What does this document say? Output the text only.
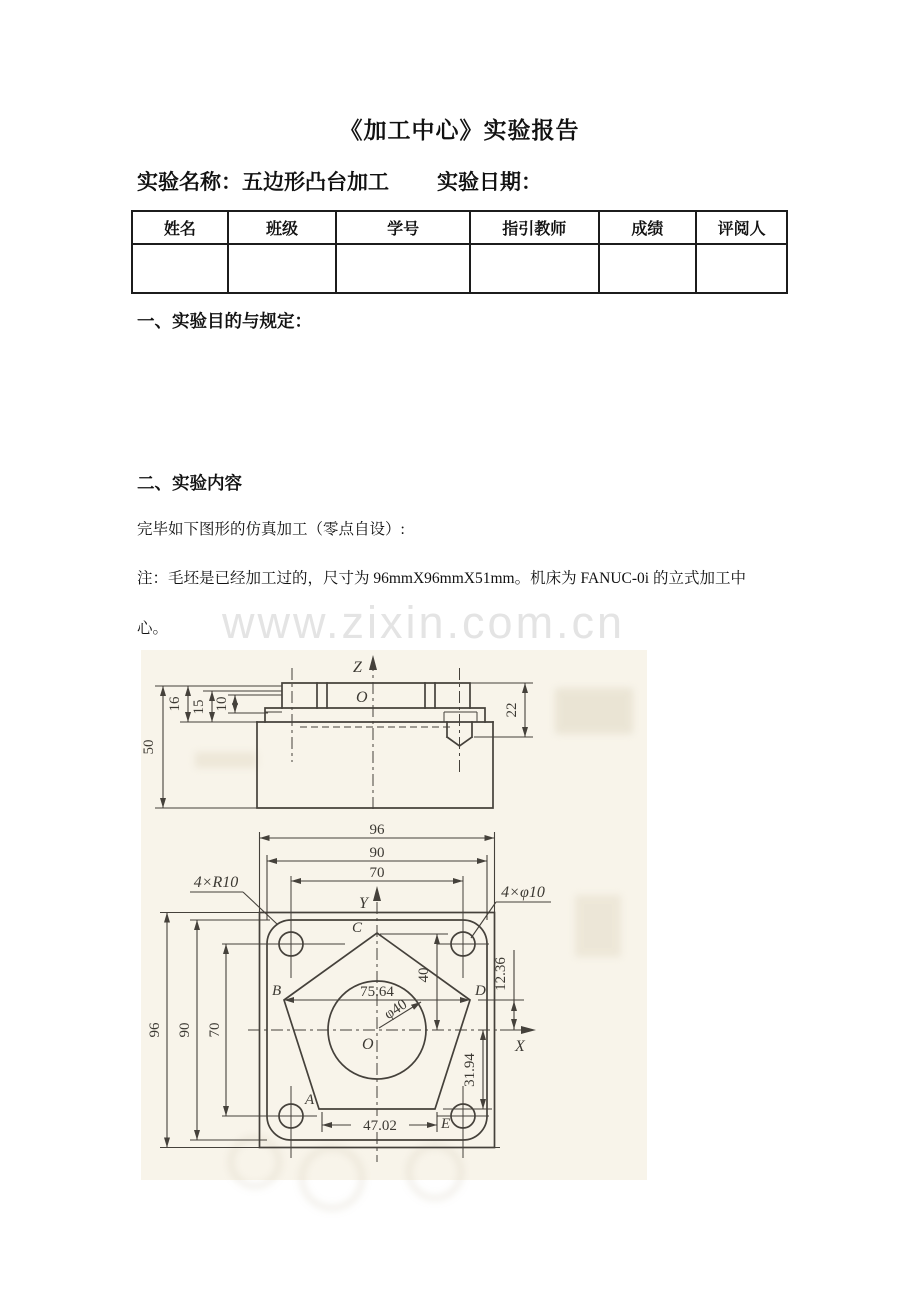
《加工中心》实验报告
实验名称：五边形凸台加工 实验日期：
姓名	班级	学号	指引教师	成绩	评阅人

一、实验目的与规定：
二、实验内容
完毕如下图形的仿真加工（零点自设）:
注：毛坯是已经加工过的，尺寸为 96mmX96mmX51mm。机床为 FANUC-0i 的立式加工中
心。	www.zixin.com.cn
Z
O
50
16 15 10	22
Y
X
O
96
90
70
96 90 70
75.64
40	12.36
31.94
47.02
φ40
4×R10
4×φ10
A
B
C
D
E
